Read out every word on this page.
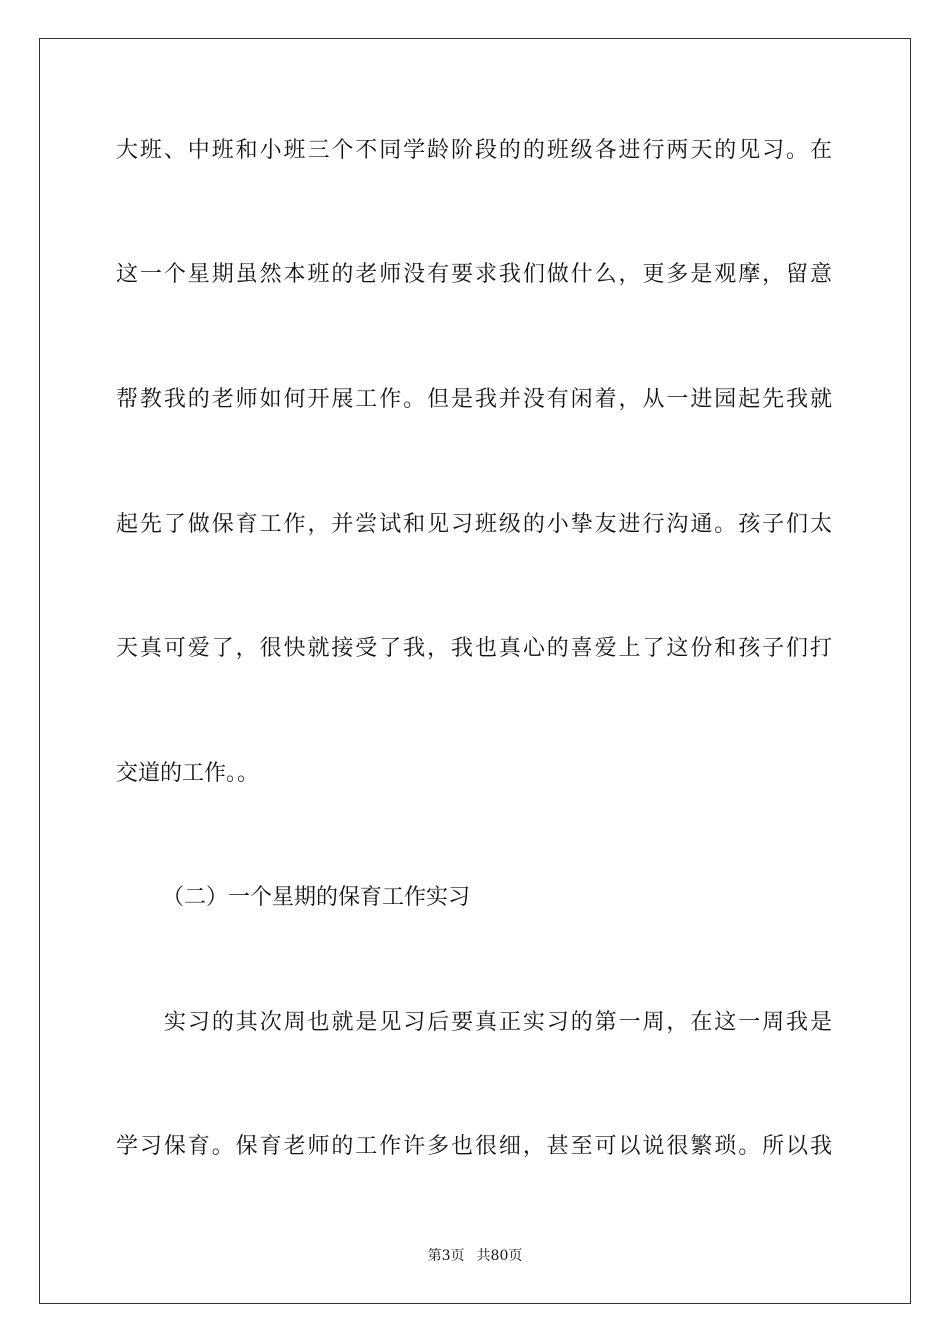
大班、中班和小班三个不同学龄阶段的的班级各进行两天的见习。在

这一个星期虽然本班的老师没有要求我们做什么，更多是观摩，留意

帮教我的老师如何开展工作。但是我并没有闲着，从一进园起先我就

起先了做保育工作，并尝试和见习班级的小挚友进行沟通。孩子们太

天真可爱了，很快就接受了我，我也真心的喜爱上了这份和孩子们打

交道的工作。。

（二）一个星期的保育工作实习

实习的其次周也就是见习后要真正实习的第一周，在这一周我是

学习保育。保育老师的工作许多也很细，甚至可以说很繁琐。所以我

第3页 共80页
